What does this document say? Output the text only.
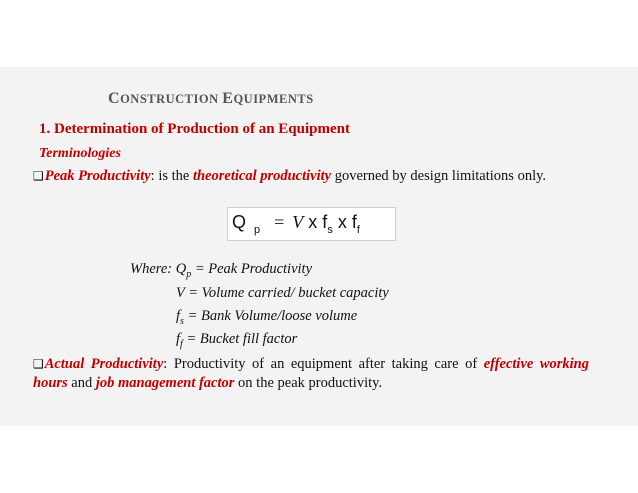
CONSTRUCTION EQUIPMENTS
1. Determination of Production of an Equipment
Terminologies
❑Peak Productivity: is the theoretical productivity governed by design limitations only.
Q $_p$ = V x $f_s$ x $f_f$
Where: $Q_p$ = Peak Productivity
V = Volume carried/ bucket capacity
$f_s$ = Bank Volume/loose volume
$f_f$ = Bucket fill factor
❑Actual Productivity: Productivity of an equipment after taking care of effective working hours and job management factor on the peak productivity.
